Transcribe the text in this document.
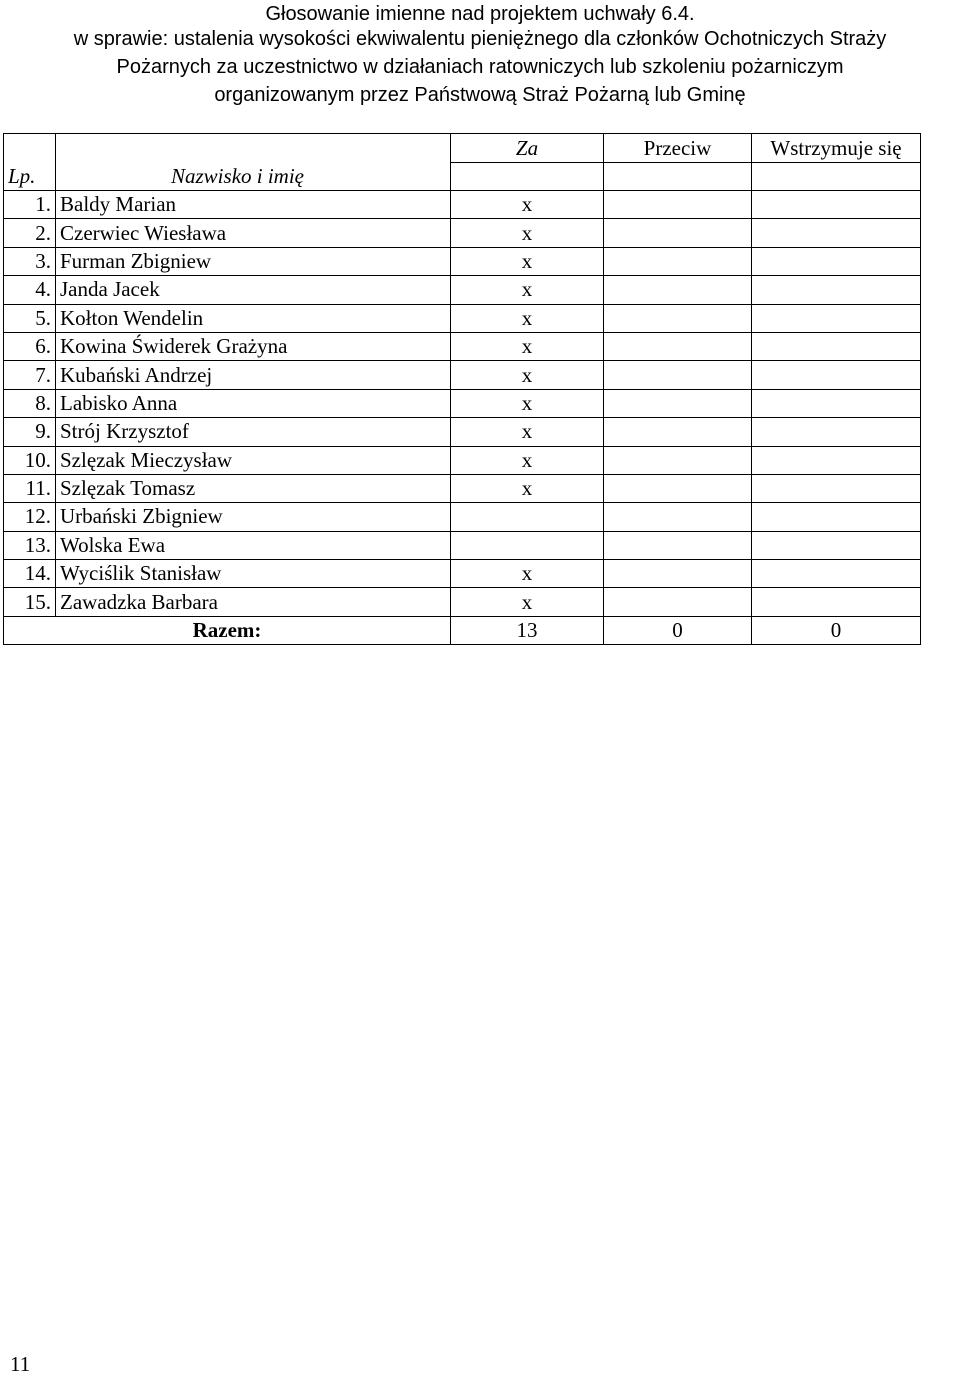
Głosowanie imienne nad projektem uchwały 6.4.
w sprawie: ustalenia wysokości ekwiwalentu pieniężnego dla członków Ochotniczych Straży
Pożarnych za uczestnictwo w działaniach ratowniczych lub szkoleniu pożarniczym
organizowanym przez Państwową Straż Pożarną lub Gminę
Lp.	Nazwisko i imię	Za	Przeciw	Wstrzymuje się

1.	Baldy Marian	x		
2.	Czerwiec Wiesława	x		
3.	Furman Zbigniew	x		
4.	Janda Jacek	x		
5.	Kołton Wendelin	x		
6.	Kowina Świderek Grażyna	x		
7.	Kubański Andrzej	x		
8.	Labisko Anna	x		
9.	Strój Krzysztof	x		
10.	Szlęzak Mieczysław	x		
11.	Szlęzak Tomasz	x		
12.	Urbański Zbigniew			
13.	Wolska Ewa			
14.	Wyciślik Stanisław	x		
15.	Zawadzka Barbara	x		
Razem:		13	0	0
11
